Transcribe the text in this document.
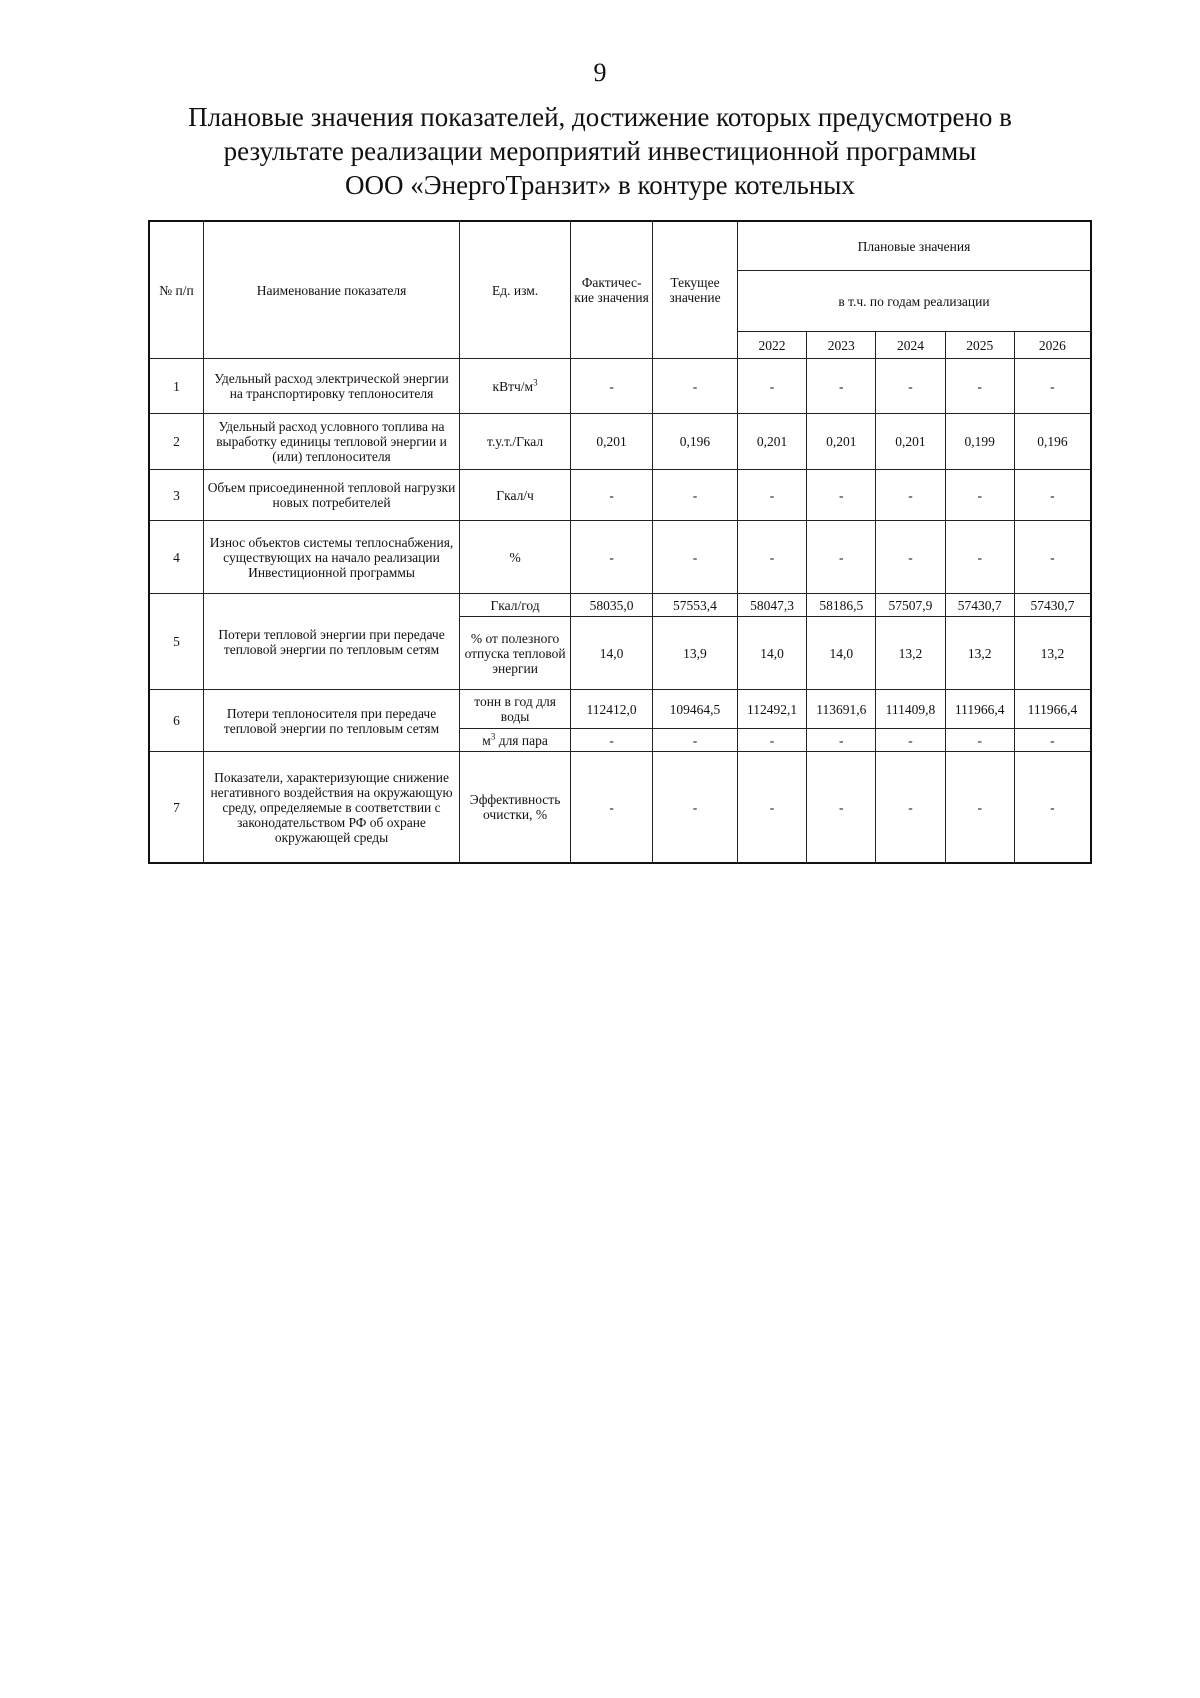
9
Плановые значения показателей, достижение которых предусмотрено в
результате реализации мероприятий инвестиционной программы
ООО «ЭнергоТранзит» в контуре котельных
№ п/п	Наименование показателя	Ед. изм.	Фактичес-кие значения	Текущее значение	Плановые значения				
					в т.ч. по годам реализации				
					2022	2023	2024	2025	2026
1	Удельный расход электрической энергии на транспортировку теплоносителя	кВтч/$м^3$	-	-	-	-	-	-	-
2	Удельный расход условного топлива на выработку единицы тепловой энергии и (или) теплоносителя	т.у.т./Гкал	0,201	0,196	0,201	0,201	0,201	0,199	0,196
3	Объем присоединенной тепловой нагрузки новых потребителей	Гкал/ч	-	-	-	-	-	-	-
4	Износ объектов системы теплоснабжения, существующих на начало реализации Инвестиционной программы	%	-	-	-	-	-	-	-
5	Потери тепловой энергии при передаче тепловой энергии по тепловым сетям	Гкал/год	58035,0	57553,4	58047,3	58186,5	57507,9	57430,7	57430,7
		% от полезного отпуска тепловой энергии	14,0	13,9	14,0	14,0	13,2	13,2	13,2
6	Потери теплоносителя при передаче тепловой энергии по тепловым сетям	тонн в год для воды	112412,0	109464,5	112492,1	113691,6	111409,8	111966,4	111966,4
		$м^3$ для пара	-	-	-	-	-	-	-
7	Показатели, характеризующие снижение негативного воздействия на окружающую среду, определяемые в соответствии с законодательством РФ об охране окружающей среды	Эффективность очистки, %	-	-	-	-	-	-	-
